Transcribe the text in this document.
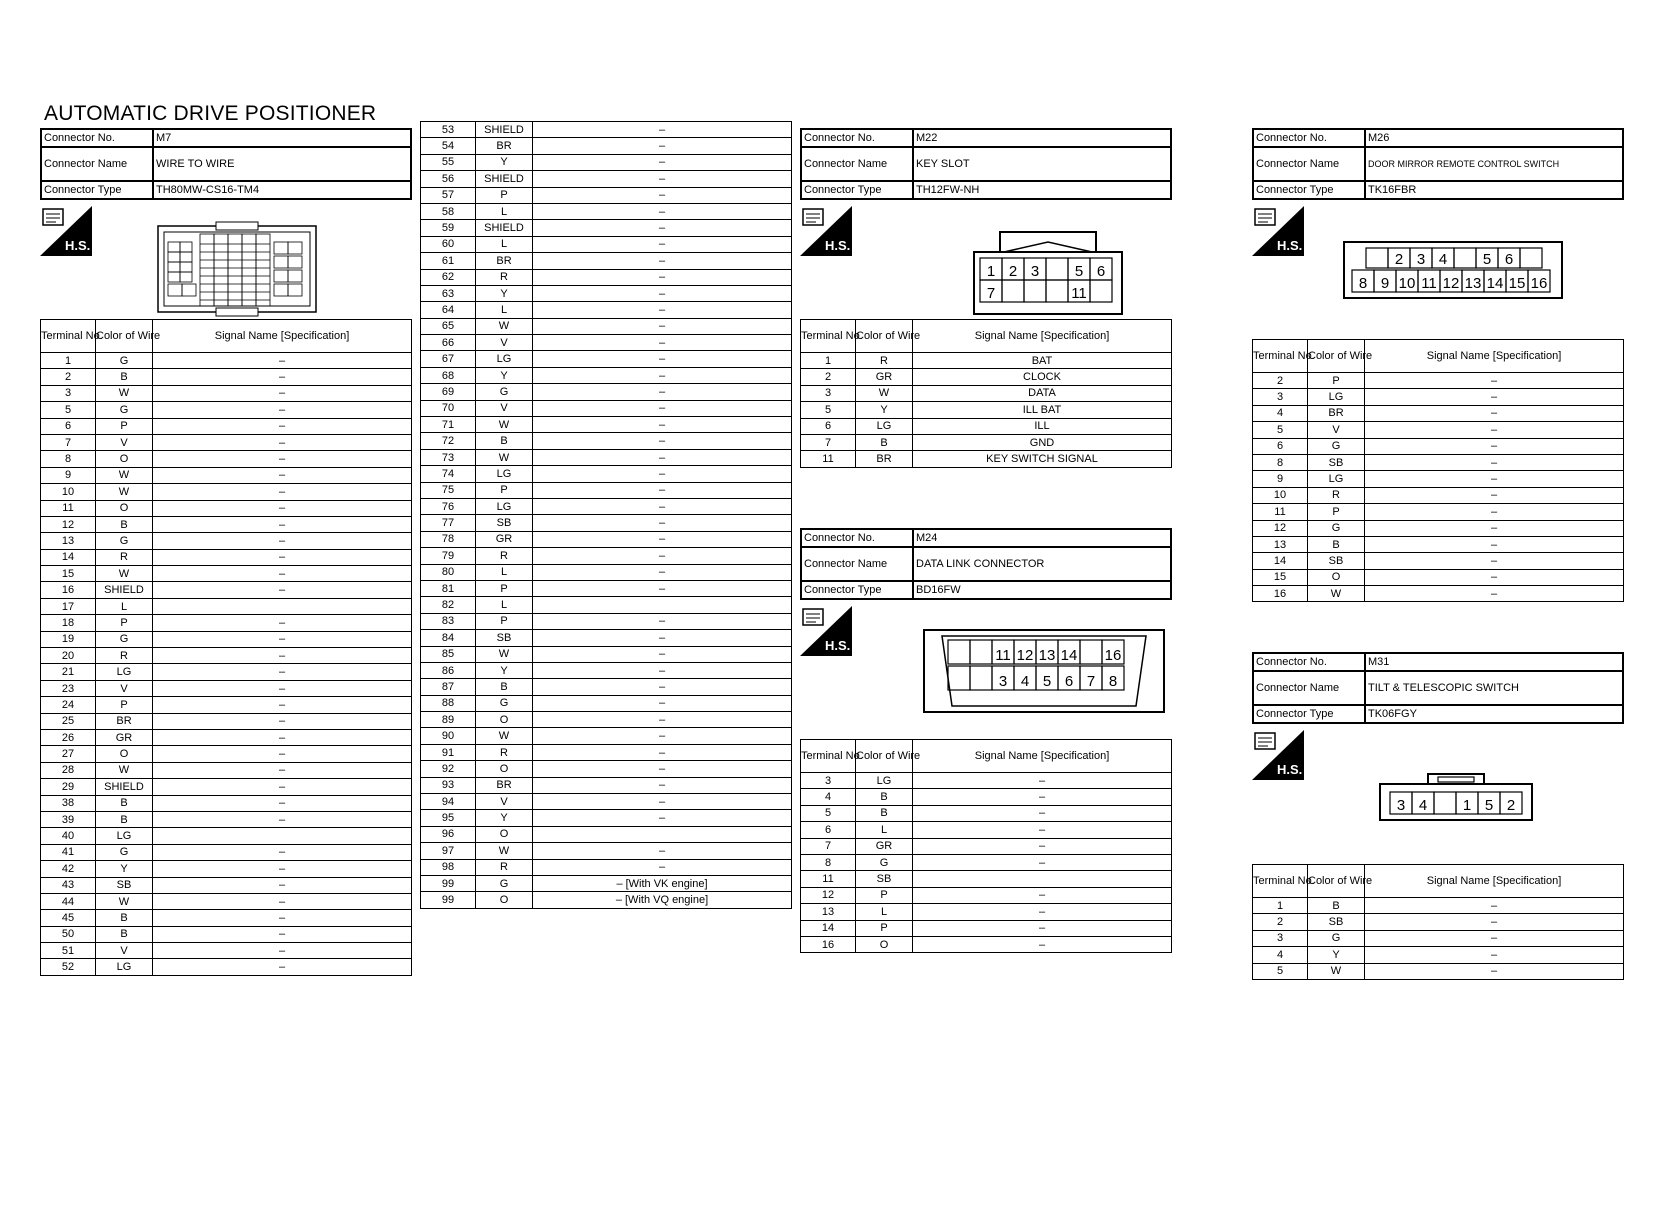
AUTOMATIC DRIVE POSITIONER
Connector No.	M7
Connector Name	WIRE TO WIRE
Connector Type	TH80MW-CS16-TM4
H.S.
Terminal No.	Color of Wire	Signal Name [Specification]
1	G	–
2	B	–
3	W	–
5	G	–
6	P	–
7	V	–
8	O	–
9	W	–
10	W	–
11	O	–
12	B	–
13	G	–
14	R	–
15	W	–
16	SHIELD	–
17	L	
18	P	–
19	G	–
20	R	–
21	LG	–
23	V	–
24	P	–
25	BR	–
26	GR	–
27	O	–
28	W	–
29	SHIELD	–
38	B	–
39	B	–
40	LG	
41	G	–
42	Y	–
43	SB	–
44	W	–
45	B	–
50	B	–
51	V	–
52	LG	–
53	SHIELD	–
54	BR	–
55	Y	–
56	SHIELD	–
57	P	–
58	L	–
59	SHIELD	–
60	L	–
61	BR	–
62	R	–
63	Y	–
64	L	–
65	W	–
66	V	–
67	LG	–
68	Y	–
69	G	–
70	V	–
71	W	–
72	B	–
73	W	–
74	LG	–
75	P	–
76	LG	–
77	SB	–
78	GR	–
79	R	–
80	L	–
81	P	–
82	L	
83	P	–
84	SB	–
85	W	–
86	Y	–
87	B	–
88	G	–
89	O	–
90	W	–
91	R	–
92	O	–
93	BR	–
94	V	–
95	Y	–
96	O	
97	W	–
98	R	–
99	G	– [With VK engine]
99	O	– [With VQ engine]
Connector No.	M22
Connector Name	KEY SLOT
Connector Type	TH12FW-NH
H.S.
1 2 3 5 6
7	11
Terminal No.	Color of Wire	Signal Name [Specification]
1	R	BAT
2	GR	CLOCK
3	W	DATA
5	Y	ILL BAT
6	LG	ILL
7	B	GND
11	BR	KEY SWITCH SIGNAL
Connector No.	M24
Connector Name	DATA LINK CONNECTOR
Connector Type	BD16FW
H.S.
11 12 13 14 16
3 4 5 6 7 8
Terminal No.	Color of Wire	Signal Name [Specification]
3	LG	–
4	B	–
5	B	–
6	L	–
7	GR	–
8	G	–
11	SB	
12	P	–
13	L	–
14	P	–
16	O	–
Connector No.	M26
Connector Name	DOOR MIRROR REMOTE CONTROL SWITCH
Connector Type	TK16FBR
H.S.
2 3 4 5 6
8 9 10 11 12 13 14 15 16
Terminal No.	Color of Wire	Signal Name [Specification]
2	P	–
3	LG	–
4	BR	–
5	V	–
6	G	–
8	SB	–
9	LG	–
10	R	–
11	P	–
12	G	–
13	B	–
14	SB	–
15	O	–
16	W	–
Connector No.	M31
Connector Name	TILT & TELESCOPIC SWITCH
Connector Type	TK06FGY
H.S.
3 4 1 5 2
Terminal No.	Color of Wire	Signal Name [Specification]
1	B	–
2	SB	–
3	G	–
4	Y	–
5	W	–
